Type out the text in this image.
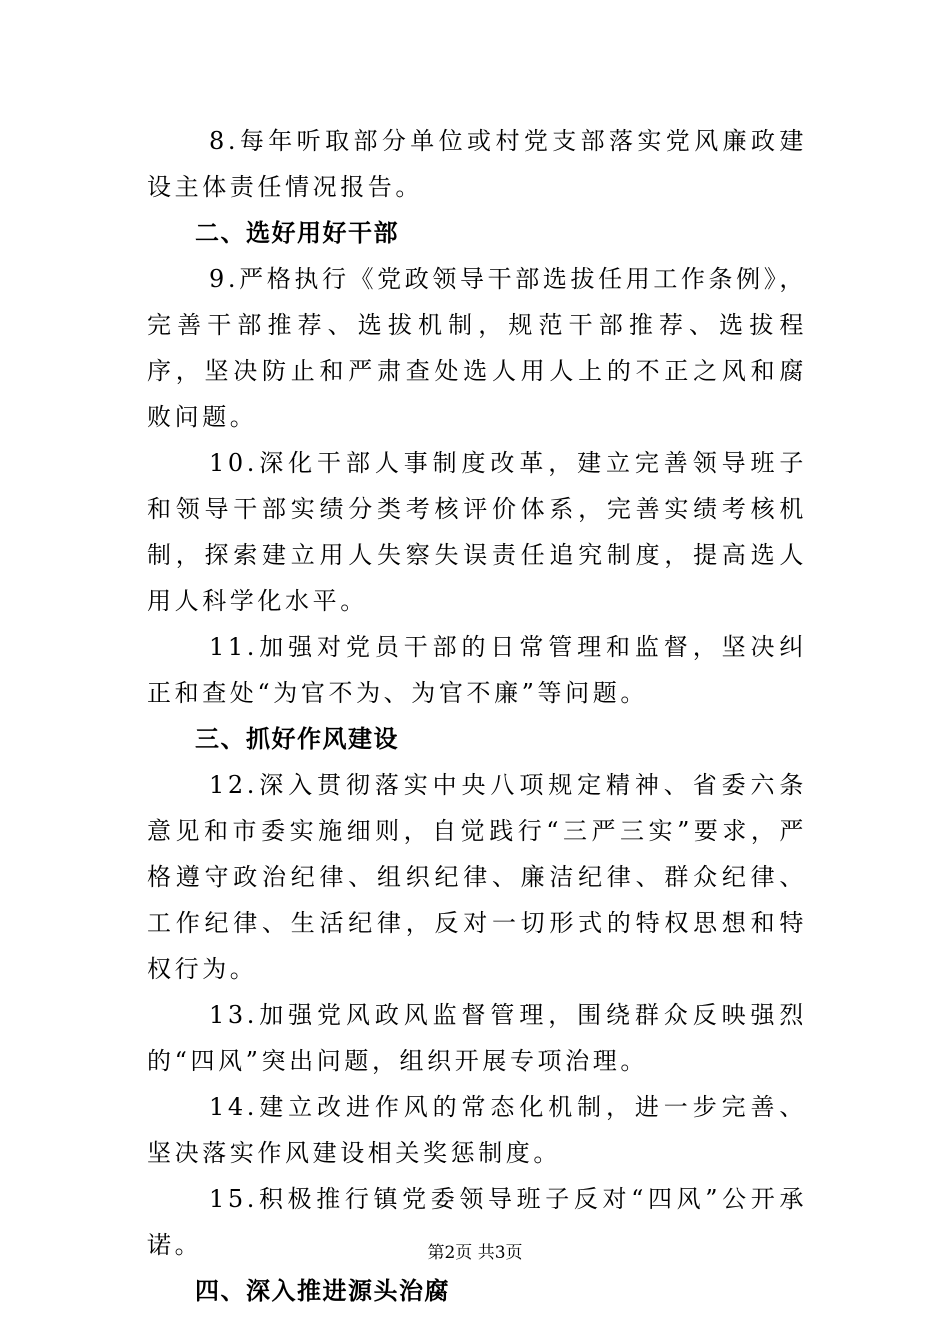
8.每年听取部分单位或村党支部落实党风廉政建设主体责任情况报告。

二、选好用好干部

9.严格执行《党政领导干部选拔任用工作条例》，完善干部推荐、选拔机制，规范干部推荐、选拔程序，坚决防止和严肃查处选人用人上的不正之风和腐败问题。

10.深化干部人事制度改革，建立完善领导班子和领导干部实绩分类考核评价体系，完善实绩考核机制，探索建立用人失察失误责任追究制度，提高选人用人科学化水平。

11.加强对党员干部的日常管理和监督，坚决纠正和查处“为官不为、为官不廉”等问题。

三、抓好作风建设

12.深入贯彻落实中央八项规定精神、省委六条意见和市委实施细则，自觉践行“三严三实”要求，严格遵守政治纪律、组织纪律、廉洁纪律、群众纪律、工作纪律、生活纪律，反对一切形式的特权思想和特权行为。

13.加强党风政风监督管理，围绕群众反映强烈的“四风”突出问题，组织开展专项治理。

14.建立改进作风的常态化机制，进一步完善、坚决落实作风建设相关奖惩制度。

15.积极推行镇党委领导班子反对“四风”公开承诺。

四、深入推进源头治腐

第2页 共3页
